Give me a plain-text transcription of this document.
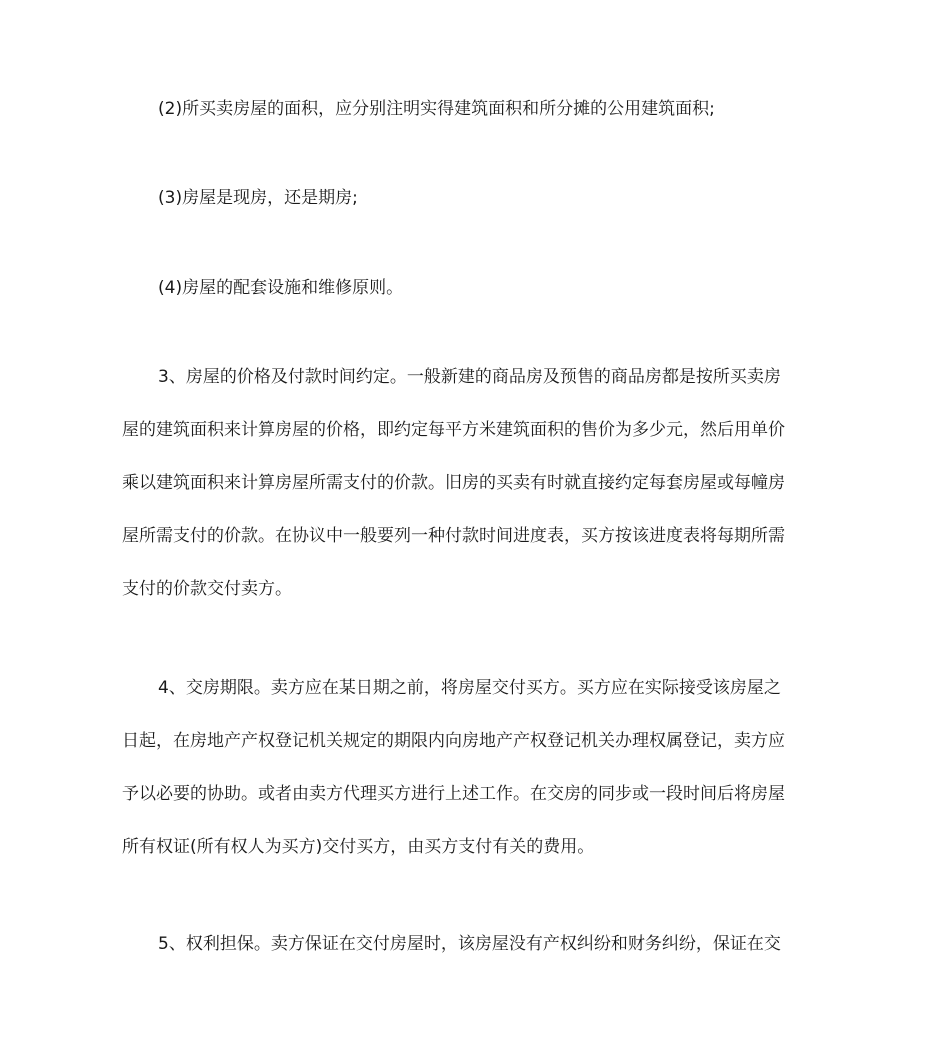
(2)所买卖房屋的面积，应分别注明实得建筑面积和所分摊的公用建筑面积;
(3)房屋是现房，还是期房;
(4)房屋的配套设施和维修原则。
3、房屋的价格及付款时间约定。一般新建的商品房及预售的商品房都是按所买卖房
屋的建筑面积来计算房屋的价格，即约定每平方米建筑面积的售价为多少元，然后用单价
乘以建筑面积来计算房屋所需支付的价款。旧房的买卖有时就直接约定每套房屋或每幢房
屋所需支付的价款。在协议中一般要列一种付款时间进度表，买方按该进度表将每期所需
支付的价款交付卖方。
4、交房期限。卖方应在某日期之前，将房屋交付买方。买方应在实际接受该房屋之
日起，在房地产产权登记机关规定的期限内向房地产产权登记机关办理权属登记，卖方应
予以必要的协助。或者由卖方代理买方进行上述工作。在交房的同步或一段时间后将房屋
所有权证(所有权人为买方)交付买方，由买方支付有关的费用。
5、权利担保。卖方保证在交付房屋时，该房屋没有产权纠纷和财务纠纷，保证在交
